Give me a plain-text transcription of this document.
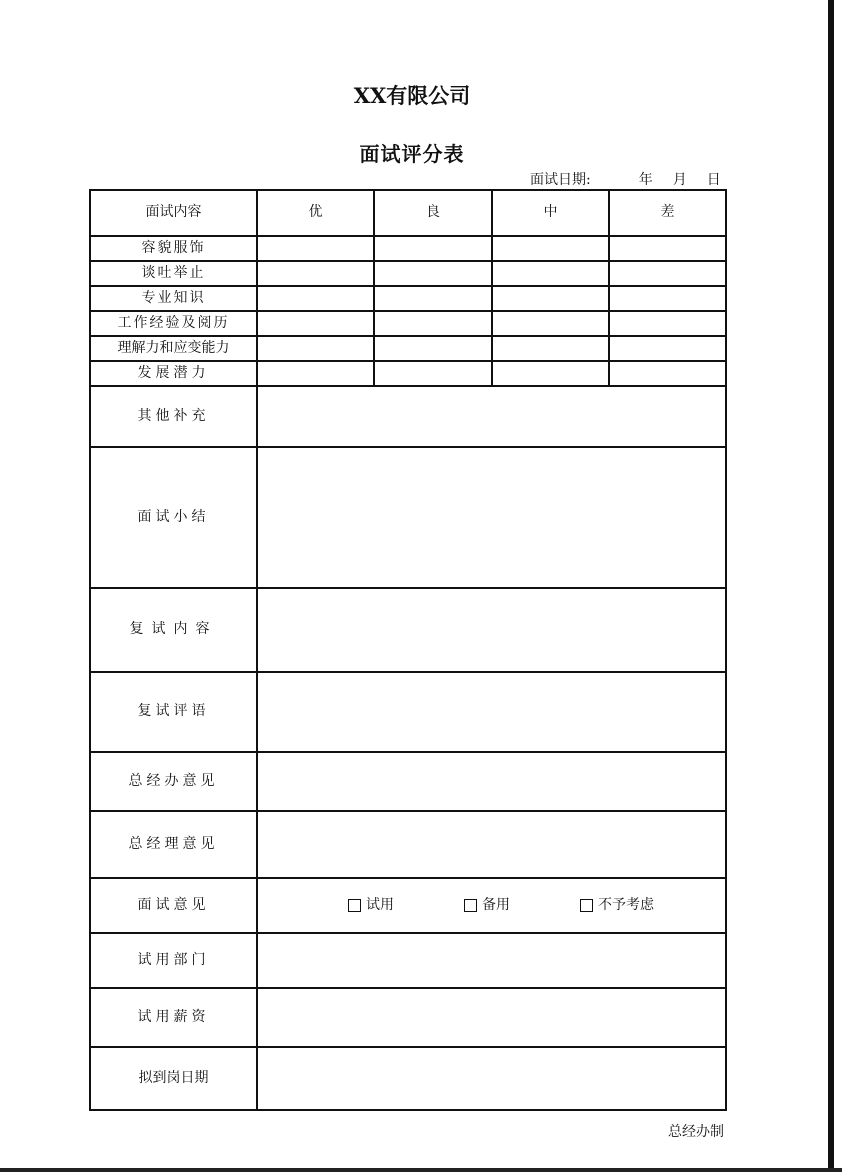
XX有限公司
面试评分表
面试日期:	年 月 日
面试内容	优	良	中	差
容貌服饰				
谈吐举止				
专业知识				
工作经验及阅历				
理解力和应变能力				
发展潜力				
其他补充				
面试小结				
复试内容				
复试评语				
总经办意见				
总经理意见				
面试意见	试用 备用 不予考虑			

试用部门				
试用薪资				
拟到岗日期				
总经办制
